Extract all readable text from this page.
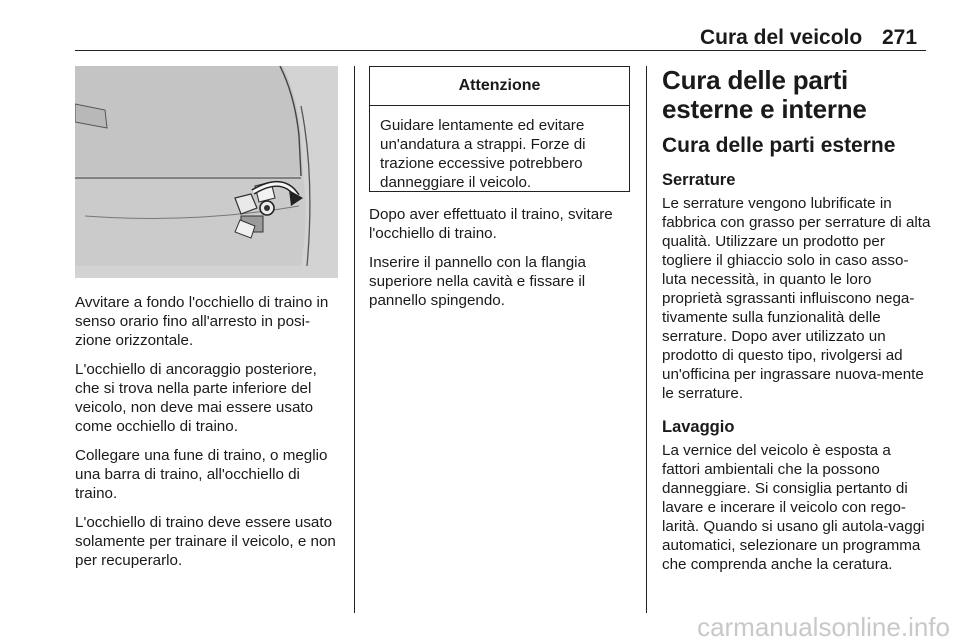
Cura del veicolo 271

Avvitare a fondo l'occhiello di traino in senso orario fino all'arresto in posi-zione orizzontale.

L'occhiello di ancoraggio posteriore, che si trova nella parte inferiore del veicolo, non deve mai essere usato come occhiello di traino.

Collegare una fune di traino, o meglio una barra di traino, all'occhiello di traino.

L'occhiello di traino deve essere usato solamente per trainare il veicolo, e non per recuperarlo.

Attenzione
Guidare lentamente ed evitare un'andatura a strappi. Forze di trazione eccessive potrebbero danneggiare il veicolo.

Dopo aver effettuato il traino, svitare l'occhiello di traino.

Inserire il pannello con la flangia superiore nella cavità e fissare il pannello spingendo.

Cura delle parti esterne e interne
Cura delle parti esterne
Serrature

Le serrature vengono lubrificate in fabbrica con grasso per serrature di alta qualità. Utilizzare un prodotto per togliere il ghiaccio solo in caso asso-luta necessità, in quanto le loro proprietà sgrassanti influiscono nega-tivamente sulla funzionalità delle serrature. Dopo aver utilizzato un prodotto di questo tipo, rivolgersi ad un'officina per ingrassare nuova-mente le serrature.

Lavaggio

La vernice del veicolo è esposta a fattori ambientali che la possono danneggiare. Si consiglia pertanto di lavare e incerare il veicolo con rego-larità. Quando si usano gli autola-vaggi automatici, selezionare un programma che comprenda anche la ceratura.

carmanualsonline.info
